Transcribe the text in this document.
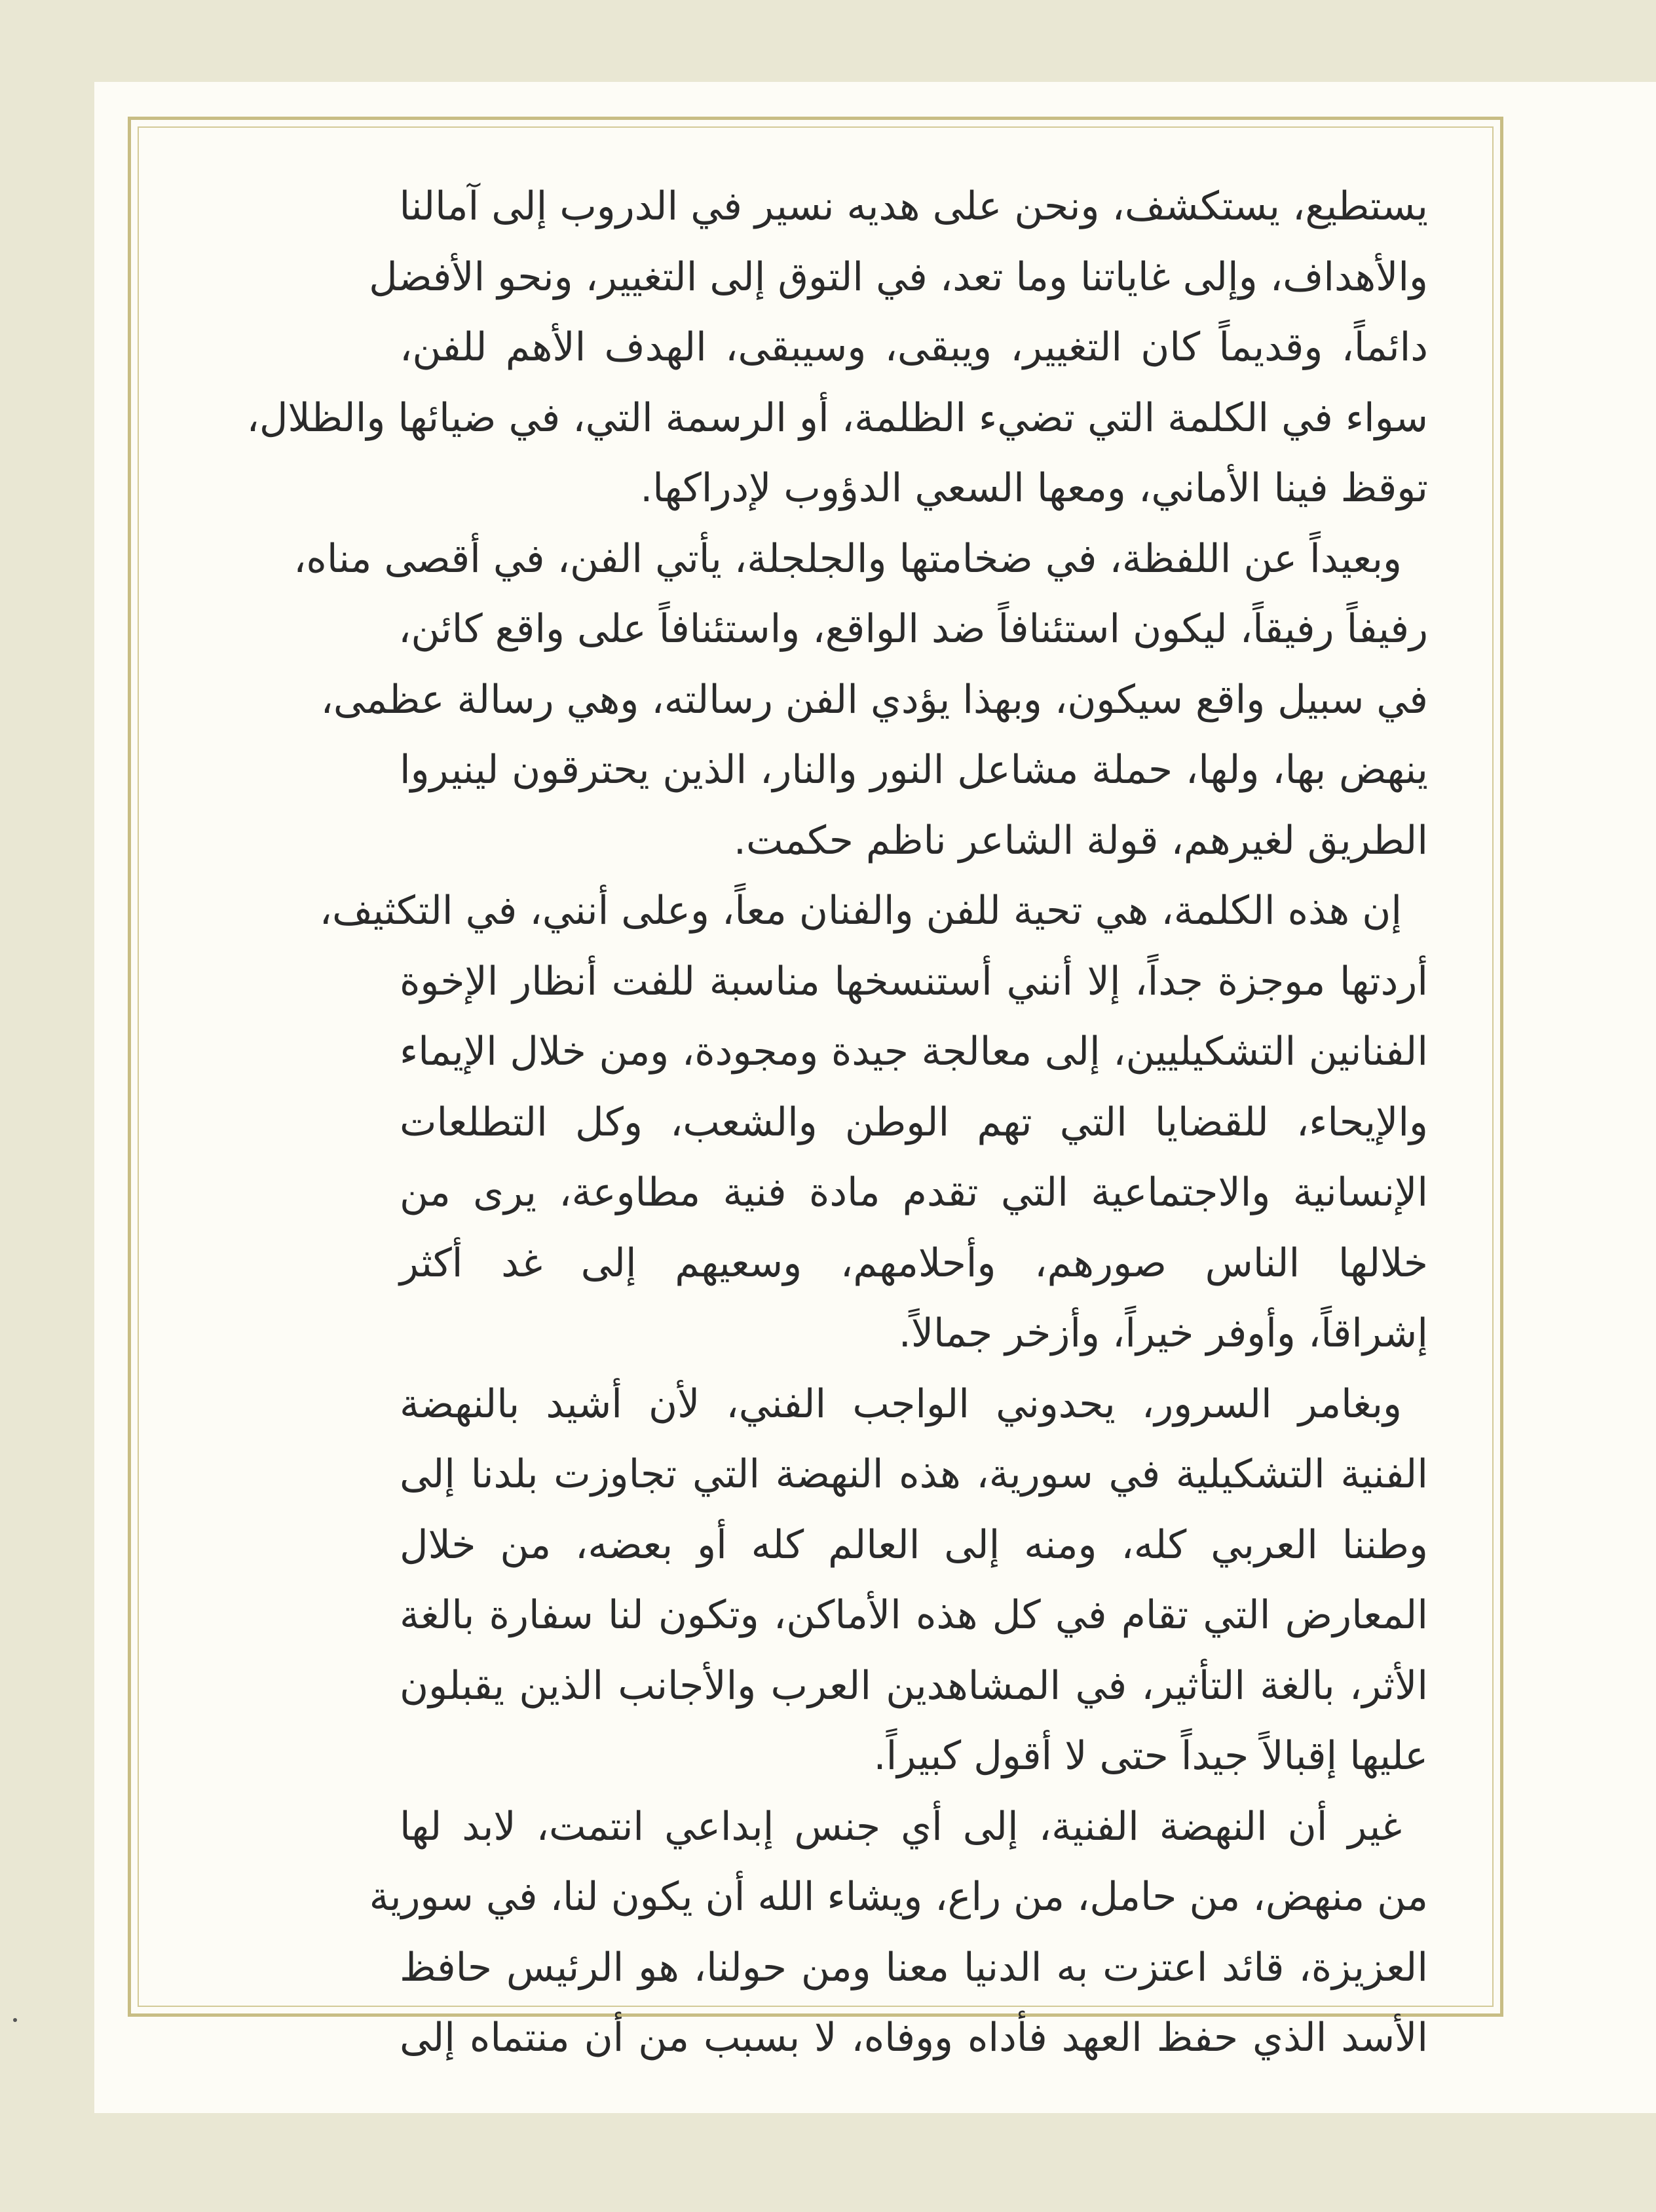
يستطيع، يستكشف، ونحن على هديه نسير في الدروب إلى آمالنا
والأهداف، وإلى غاياتنا وما تعد، في التوق إلى التغيير، ونحو الأفضل
دائماً، وقديماً كان التغيير، ويبقى، وسيبقى، الهدف الأهم للفن،
سواء في الكلمة التي تضيء الظلمة، أو الرسمة التي، في ضيائها والظلال،
توقظ فينا الأماني، ومعها السعي الدؤوب لإدراكها.
وبعيداً عن اللفظة، في ضخامتها والجلجلة، يأتي الفن، في أقصى مناه،
رفيفاً رفيقاً، ليكون استئنافاً ضد الواقع، واستئنافاً على واقع كائن،
في سبيل واقع سيكون، وبهذا يؤدي الفن رسالته، وهي رسالة عظمى،
ينهض بها، ولها، حملة مشاعل النور والنار، الذين يحترقون لينيروا
الطريق لغيرهم، قولة الشاعر ناظم حكمت.
إن هذه الكلمة، هي تحية للفن والفنان معاً، وعلى أنني، في التكثيف،
أردتها موجزة جداً، إلا أنني أستنسخها مناسبة للفت أنظار الإخوة
الفنانين التشكيليين، إلى معالجة جيدة ومجودة، ومن خلال الإيماء
والإيحاء، للقضايا التي تهم الوطن والشعب، وكل التطلعات
الإنسانية والاجتماعية التي تقدم مادة فنية مطاوعة، يرى من
خلالها الناس صورهم، وأحلامهم، وسعيهم إلى غد أكثر
إشراقاً، وأوفر خيراً، وأزخر جمالاً.
وبغامر السرور، يحدوني الواجب الفني، لأن أشيد بالنهضة
الفنية التشكيلية في سورية، هذه النهضة التي تجاوزت بلدنا إلى
وطننا العربي كله، ومنه إلى العالم كله أو بعضه، من خلال
المعارض التي تقام في كل هذه الأماكن، وتكون لنا سفارة بالغة
الأثر، بالغة التأثير، في المشاهدين العرب والأجانب الذين يقبلون
عليها إقبالاً جيداً حتى لا أقول كبيراً.
غير أن النهضة الفنية، إلى أي جنس إبداعي انتمت، لابد لها
من منهض، من حامل، من راع، ويشاء الله أن يكون لنا، في سورية
العزيزة، قائد اعتزت به الدنيا معنا ومن حولنا، هو الرئيس حافظ
الأسد الذي حفظ العهد فأداه ووفاه، لا بسبب من أن منتماه إلى
